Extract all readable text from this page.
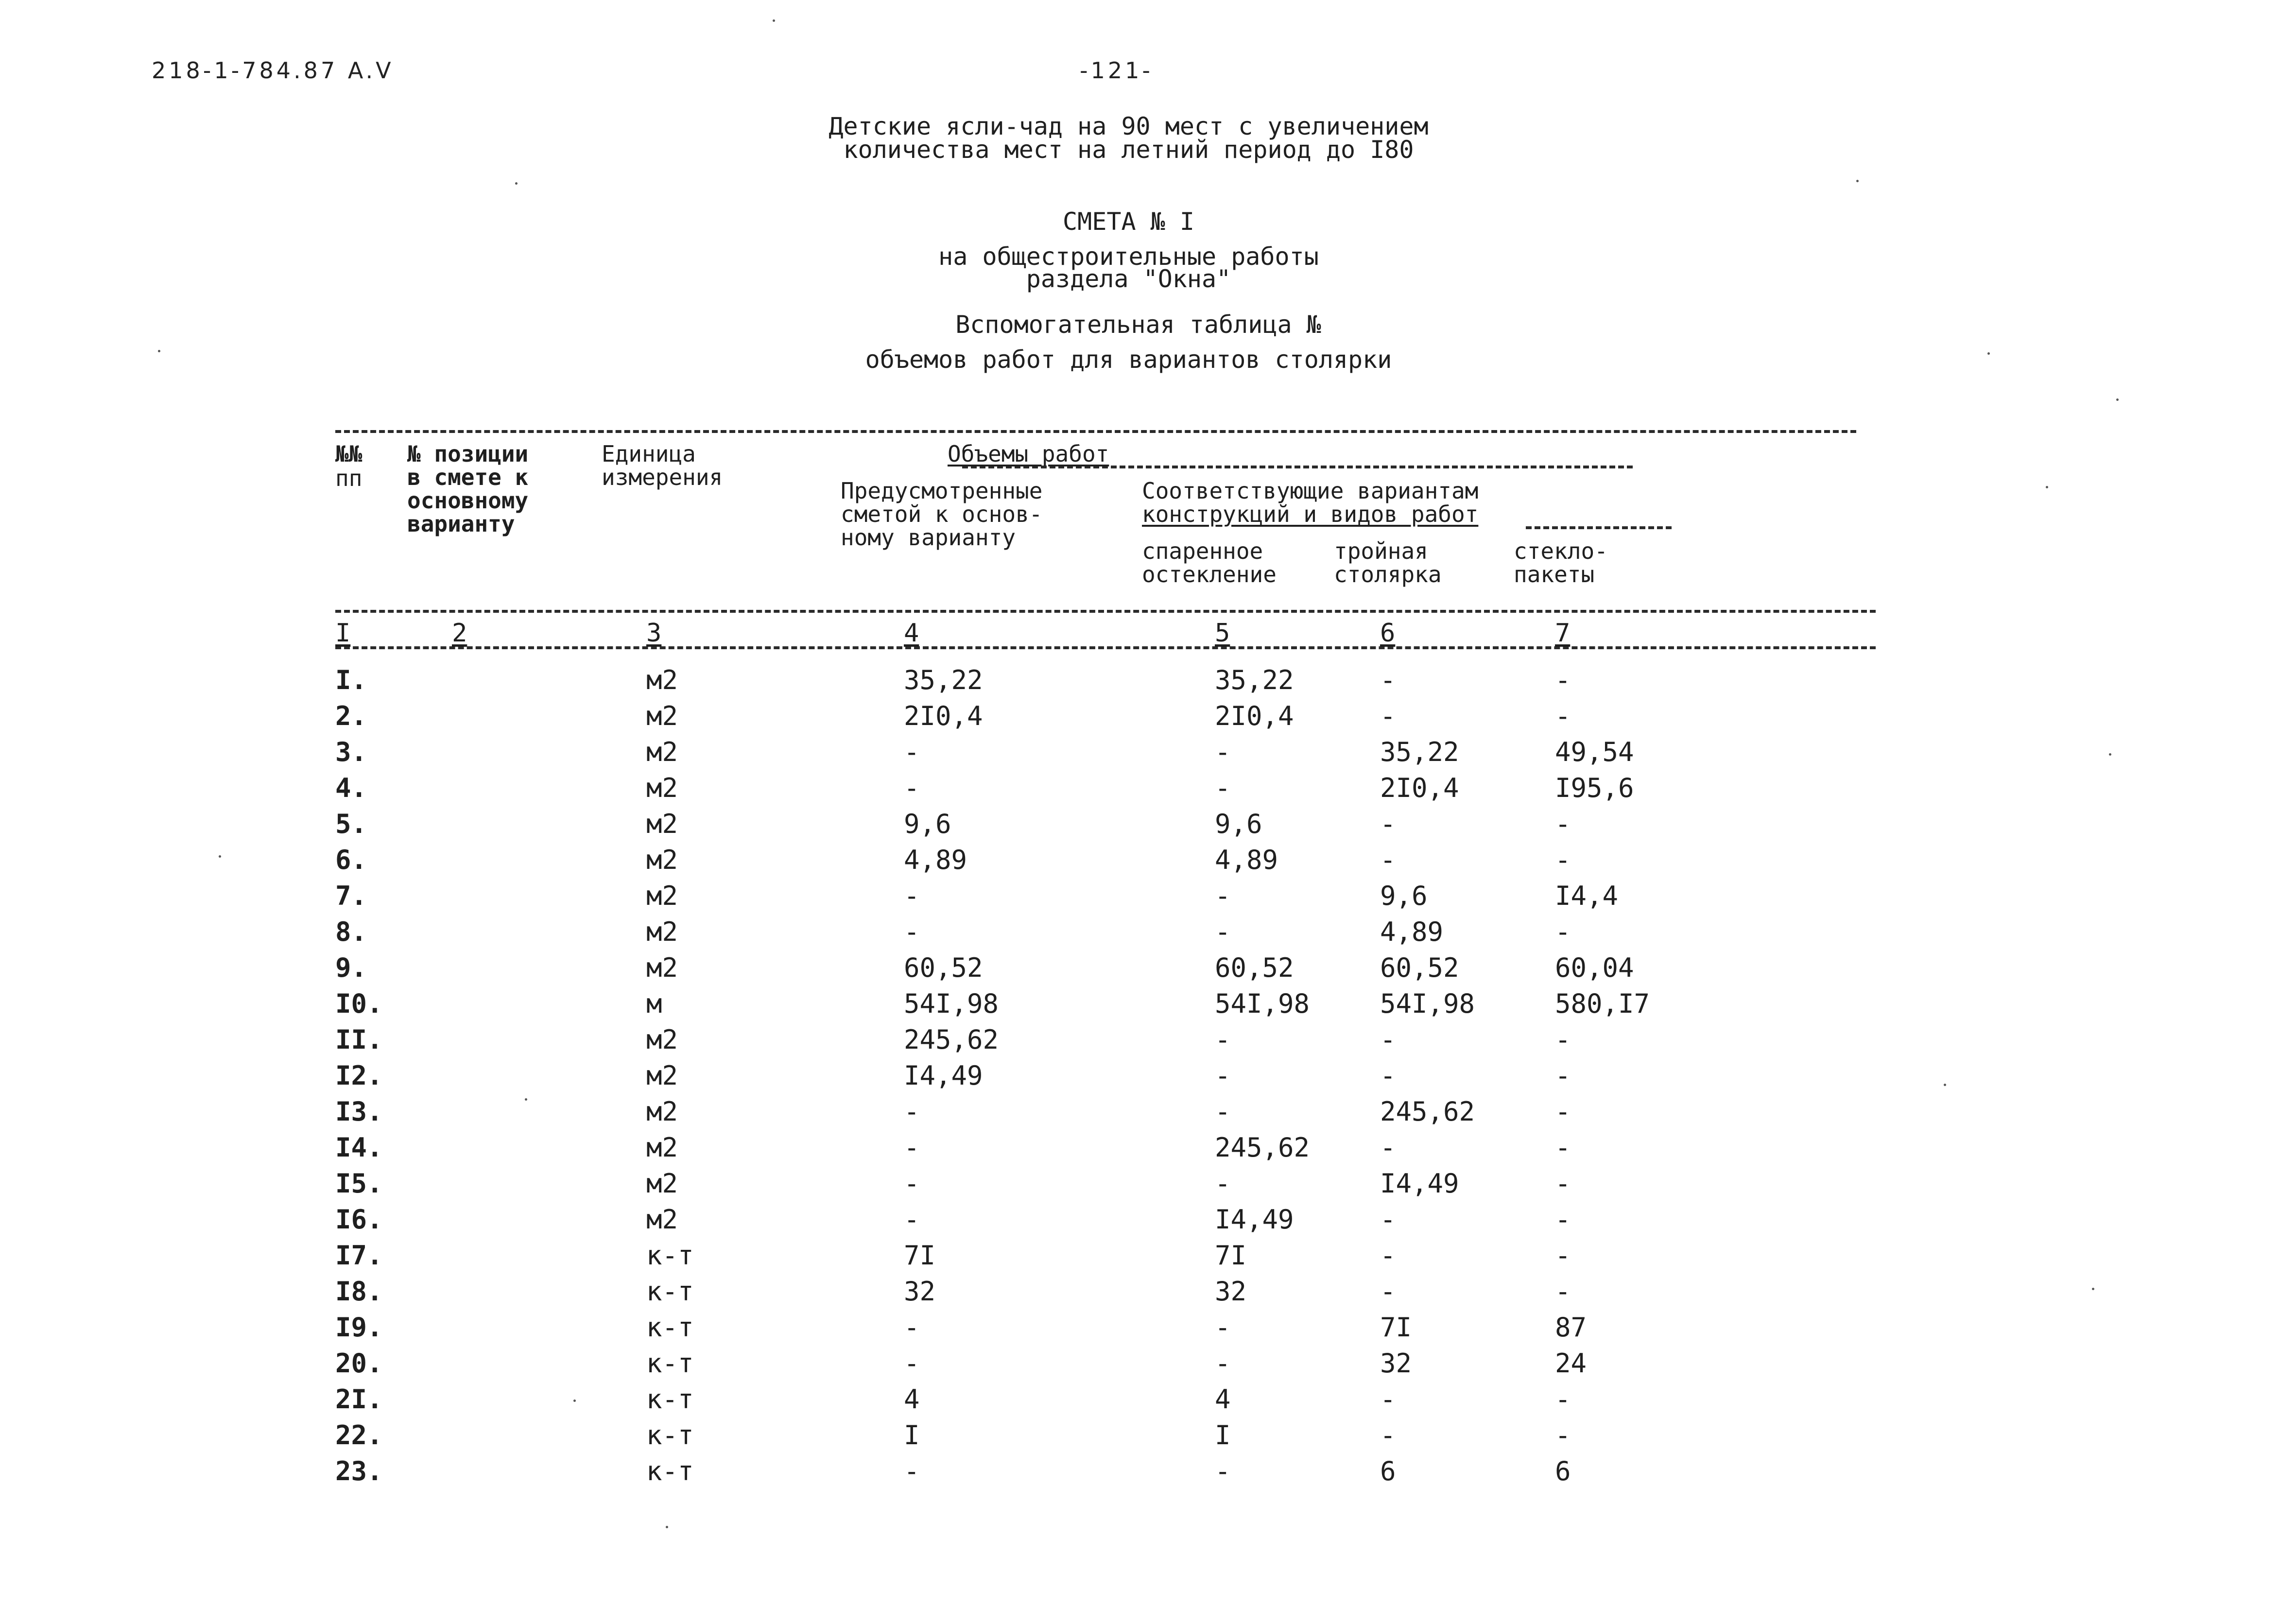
218-1-784.87 A.V	-121-
Детские ясли-чад на 90 мест с увеличением
количества мест на летний период до I80
СМЕТА № I
на общестроительные работы
раздела "Окна"
Вспомогательная таблица №
объемов работ для вариантов столярки
№№
пп
№ позиции
в смете к
основному
варианту
Единица
измерения
Объемы работ
Предусмотренные
сметой к основ-
ному варианту
Соответствующие вариантам
конструкций и видов работ
спаренное
остекление
тройная
столярка
стекло-
пакеты
I	2	3	4	5	6	7
I.	м2	35,22	35,22	-	-
2.	м2	2I0,4	2I0,4	-	-
3.	м2	-	-	35,22	49,54
4.	м2	-	-	2I0,4	I95,6
5.	м2	9,6	9,6	-	-
6.	м2	4,89	4,89	-	-
7.	м2	-	-	9,6	I4,4
8.	м2	-	-	4,89	-
9.	м2	60,52	60,52	60,52	60,04
I0.	м	54I,98	54I,98	54I,98	580,I7
II.	м2	245,62	-	-	-
I2.	м2	I4,49	-	-	-
I3.	м2	-	-	245,62	-
I4.	м2	-	245,62	-	-
I5.	м2	-	-	I4,49	-
I6.	м2	-	I4,49	-	-
I7.	к-т	7I	7I	-	-
I8.	к-т	32	32	-	-
I9.	к-т	-	-	7I	87
20.	к-т	-	-	32	24
2I.	к-т	4	4	-	-
22.	к-т	I	I	-	-
23.	к-т	-	-	6	6
